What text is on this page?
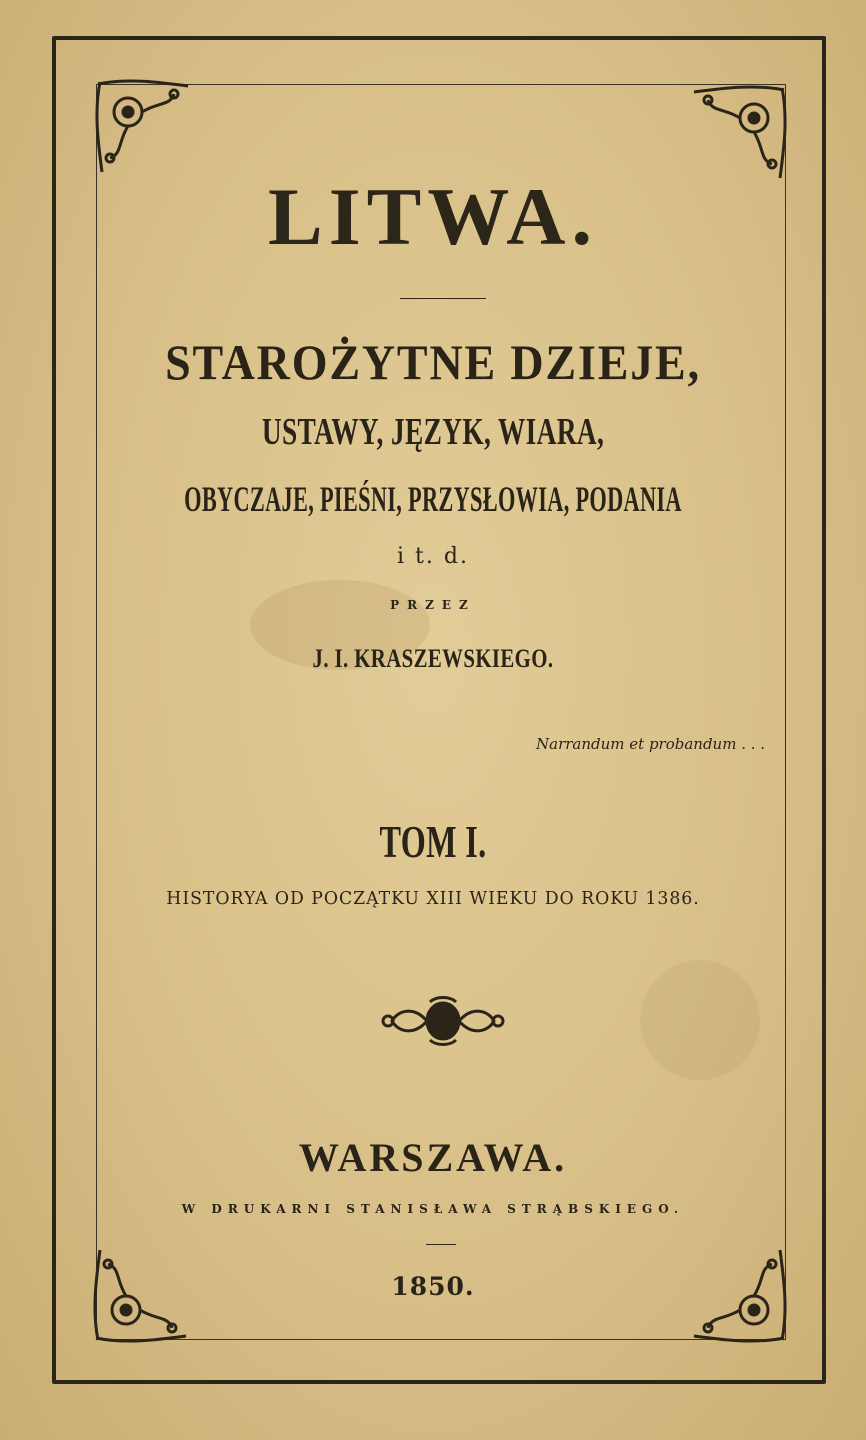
LITWA.
STAROŻYTNE DZIEJE,
USTAWY, JĘZYK, WIARA,
OBYCZAJE, PIEŚNI, PRZYSŁOWIA, PODANIA
i t. d.
PRZEZ
J. I. KRASZEWSKIEGO.
Narrandum et probandum . . .
TOM I.
HISTORYA OD POCZĄTKU XIII WIEKU DO ROKU 1386.
WARSZAWA.
W DRUKARNI STANISŁAWA STRĄBSKIEGO.
1850.
